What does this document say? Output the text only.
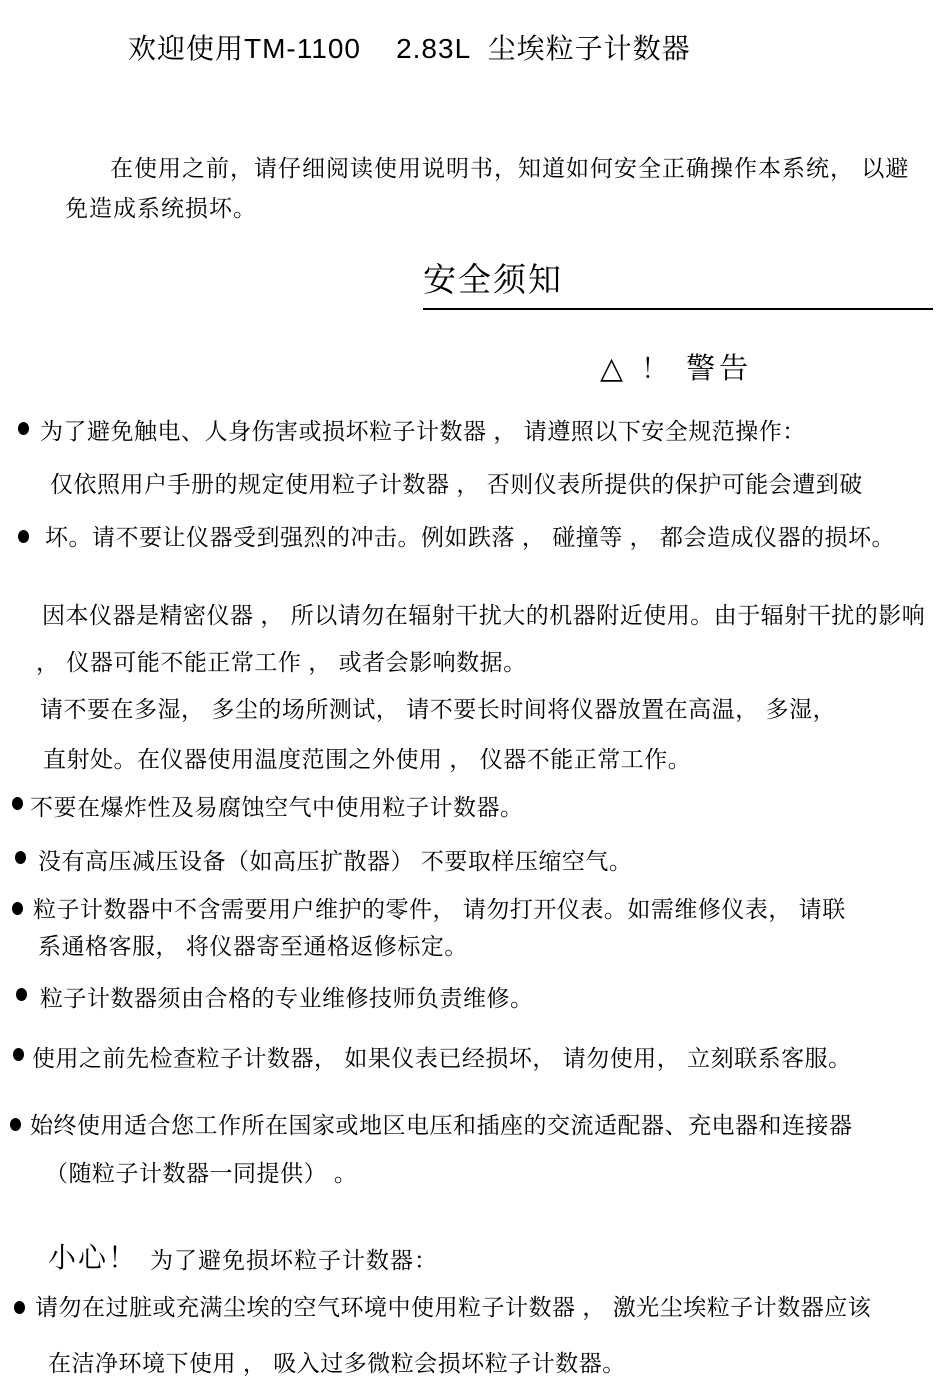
欢迎使用TM-1100    2.83L  尘埃粒子计数器
在使用之前，请仔细阅读使用说明书，知道如何安全正确操作本系统， 以避
免造成系统损坏。
安全须知
△ ！ 警告
为了避免触电、人身伤害或损坏粒子计数器 ， 请遵照以下安全规范操作：
仅依照用户手册的规定使用粒子计数器 ， 否则仪表所提供的保护可能会遭到破
坏。请不要让仪器受到强烈的冲击。例如跌落 ， 碰撞等 ， 都会造成仪器的损坏。
因本仪器是精密仪器 ， 所以请勿在辐射干扰大的机器附近使用。由于辐射干扰的影响
， 仪器可能不能正常工作 ， 或者会影响数据。
请不要在多湿， 多尘的场所测试， 请不要长时间将仪器放置在高温， 多湿，
直射处。在仪器使用温度范围之外使用 ， 仪器不能正常工作。
不要在爆炸性及易腐蚀空气中使用粒子计数器。
没有高压减压设备（如高压扩散器） 不要取样压缩空气。
粒子计数器中不含需要用户维护的零件， 请勿打开仪表。如需维修仪表， 请联
系通格客服， 将仪器寄至通格返修标定。
粒子计数器须由合格的专业维修技师负责维修。
使用之前先检查粒子计数器， 如果仪表已经损坏， 请勿使用， 立刻联系客服。
始终使用适合您工作所在国家或地区电压和插座的交流适配器、充电器和连接器
（随粒子计数器一同提供） 。
小心！ 为了避免损坏粒子计数器：
请勿在过脏或充满尘埃的空气环境中使用粒子计数器 ， 激光尘埃粒子计数器应该
在洁净环境下使用 ， 吸入过多微粒会损坏粒子计数器。
